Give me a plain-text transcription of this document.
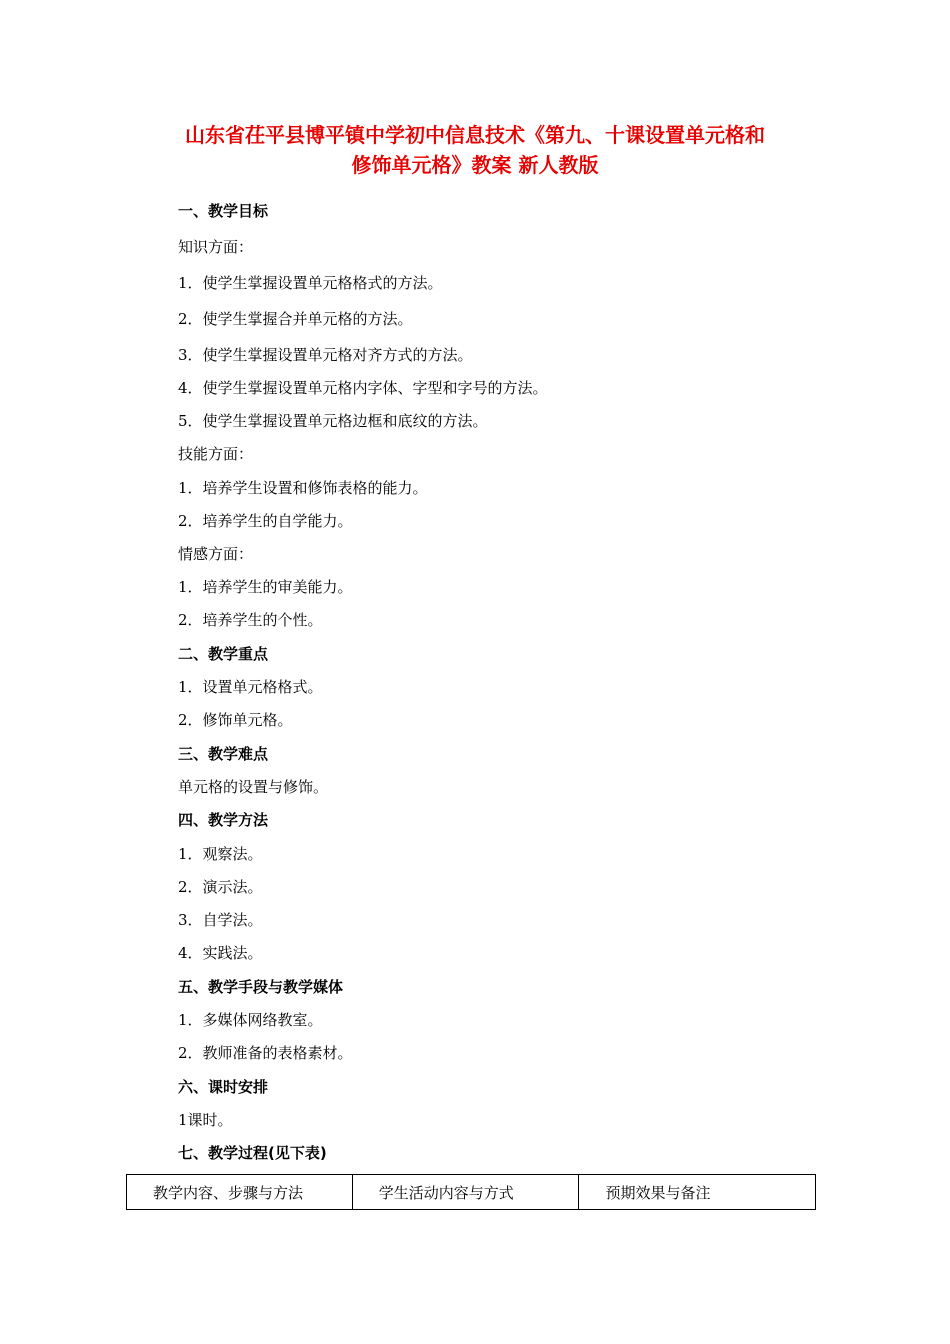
山东省茌平县博平镇中学初中信息技术《第九、十课设置单元格和
修饰单元格》教案 新人教版
一、教学目标
知识方面：
1．使学生掌握设置单元格格式的方法。
2．使学生掌握合并单元格的方法。
3．使学生掌握设置单元格对齐方式的方法。
4．使学生掌握设置单元格内字体、字型和字号的方法。
5．使学生掌握设置单元格边框和底纹的方法。
技能方面：
1．培养学生设置和修饰表格的能力。
2．培养学生的自学能力。
情感方面：
1．培养学生的审美能力。
2．培养学生的个性。
二、教学重点
1．设置单元格格式。
2．修饰单元格。
三、教学难点
单元格的设置与修饰。
四、教学方法
1．观察法。
2．演示法。
3．自学法。
4．实践法。
五、教学手段与教学媒体
1．多媒体网络教室。
2．教师准备的表格素材。
六、课时安排
1课时。
七、教学过程(见下表)
教学内容、步骤与方法	学生活动内容与方式	预期效果与备注
